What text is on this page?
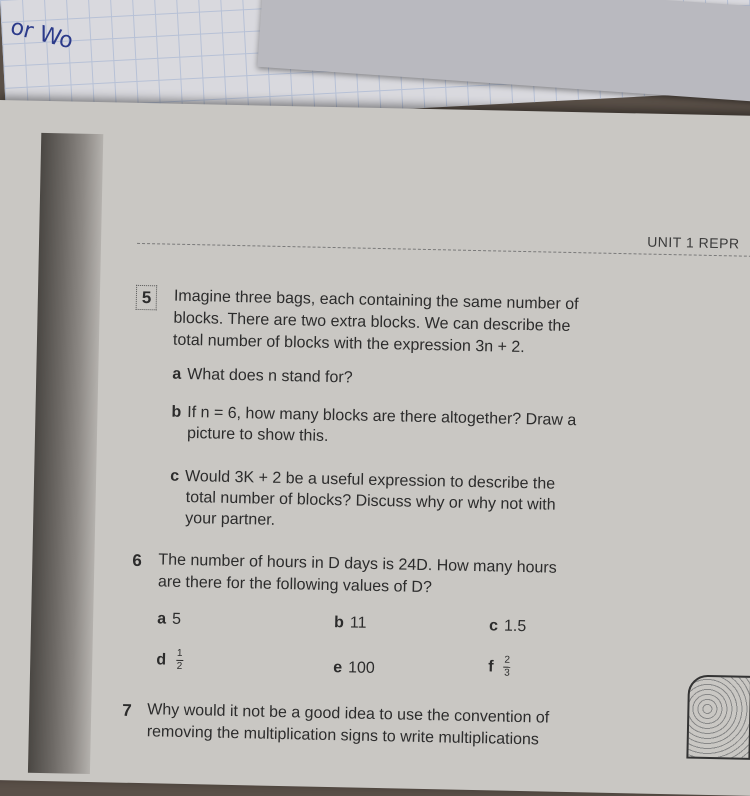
or Wo
UNIT 1 REPR
5	Imagine three bags, each containing the same number of
blocks. There are two extra blocks. We can describe the
total number of blocks with the expression 3n + 2.
a What does n stand for?
b If n = 6, how many blocks are there altogether? Draw a
picture to show this.
c Would 3K + 2 be a useful expression to describe the
total number of blocks? Discuss why or why not with
your partner.
6 The number of hours in D days is 24D. How many hours
are there for the following values of D?
a 5	b 11	c 1.5
d $\frac{1}{2}$	e 100	f $\frac{2}{3}$
7 Why would it not be a good idea to use the convention of
removing the multiplication signs to write multiplications
